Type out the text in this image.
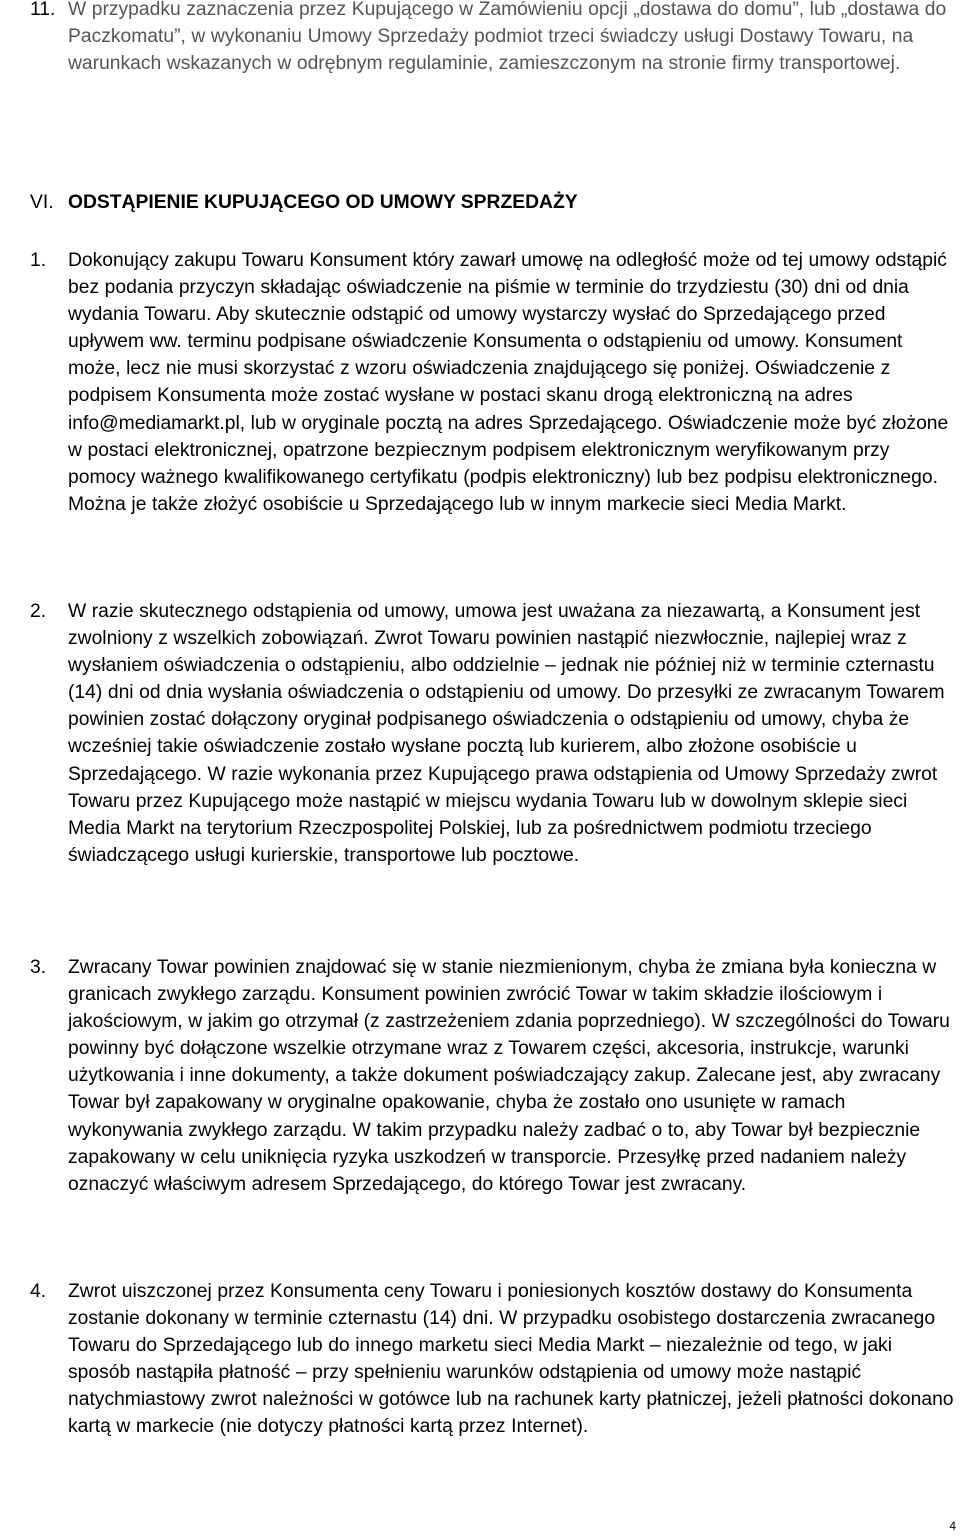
11. W przypadku zaznaczenia przez Kupującego w Zamówieniu opcji „dostawa do domu”, lub „dostawa do Paczkomatu”, w wykonaniu Umowy Sprzedaży podmiot trzeci świadczy usługi Dostawy Towaru, na warunkach wskazanych w odrębnym regulaminie, zamieszczonym na stronie firmy transportowej.
VI. ODSTĄPIENIE KUPUJĄCEGO OD UMOWY SPRZEDAŻY
1.	Dokonujący zakupu Towaru Konsument który zawarł umowę na odległość może od tej umowy odstąpić bez podania przyczyn składając oświadczenie na piśmie w terminie do trzydziestu (30) dni od dnia wydania Towaru. Aby skutecznie odstąpić od umowy wystarczy wysłać do Sprzedającego przed upływem ww. terminu podpisane oświadczenie Konsumenta o odstąpieniu od umowy. Konsument może, lecz nie musi skorzystać z wzoru oświadczenia znajdującego się poniżej. Oświadczenie z podpisem Konsumenta może zostać wysłane w postaci skanu drogą elektroniczną na adres info@mediamarkt.pl, lub w oryginale pocztą na adres Sprzedającego. Oświadczenie może być złożone w postaci elektronicznej, opatrzone bezpiecznym podpisem elektronicznym weryfikowanym przy pomocy ważnego kwalifikowanego certyfikatu (podpis elektroniczny) lub bez podpisu elektronicznego. Można je także złożyć osobiście u Sprzedającego lub w innym markecie sieci Media Markt.
2.	W razie skutecznego odstąpienia od umowy, umowa jest uważana za niezawartą, a Konsument jest zwolniony z wszelkich zobowiązań. Zwrot Towaru powinien nastąpić niezwłocznie, najlepiej wraz z wysłaniem oświadczenia o odstąpieniu, albo oddzielnie – jednak nie później niż w terminie czternastu (14) dni od dnia wysłania oświadczenia o odstąpieniu od umowy. Do przesyłki ze zwracanym Towarem powinien zostać dołączony oryginał podpisanego oświadczenia o odstąpieniu od umowy, chyba że wcześniej takie oświadczenie zostało wysłane pocztą lub kurierem, albo złożone osobiście u Sprzedającego. W razie wykonania przez Kupującego prawa odstąpienia od Umowy Sprzedaży zwrot Towaru przez Kupującego może nastąpić w miejscu wydania Towaru lub w dowolnym sklepie sieci Media Markt na terytorium Rzeczpospolitej Polskiej, lub za pośrednictwem podmiotu trzeciego świadczącego usługi kurierskie, transportowe lub pocztowe.
3.	Zwracany Towar powinien znajdować się w stanie niezmienionym, chyba że zmiana była konieczna w granicach zwykłego zarządu. Konsument powinien zwrócić Towar w takim składzie ilościowym i jakościowym, w jakim go otrzymał (z zastrzeżeniem zdania poprzedniego). W szczególności do Towaru powinny być dołączone wszelkie otrzymane wraz z Towarem części, akcesoria, instrukcje, warunki użytkowania i inne dokumenty, a także dokument poświadczający zakup. Zalecane jest, aby zwracany Towar był zapakowany w oryginalne opakowanie, chyba że zostało ono usunięte w ramach wykonywania zwykłego zarządu. W takim przypadku należy zadbać o to, aby Towar był bezpiecznie zapakowany w celu uniknięcia ryzyka uszkodzeń w transporcie. Przesyłkę przed nadaniem należy oznaczyć właściwym adresem Sprzedającego, do którego Towar jest zwracany.
4.	Zwrot uiszczonej przez Konsumenta ceny Towaru i poniesionych kosztów dostawy do Konsumenta zostanie dokonany w terminie czternastu (14) dni. W przypadku osobistego dostarczenia zwracanego Towaru do Sprzedającego lub do innego marketu sieci Media Markt – niezależnie od tego, w jaki sposób nastąpiła płatność – przy spełnieniu warunków odstąpienia od umowy może nastąpić natychmiastowy zwrot należności w gotówce lub na rachunek karty płatniczej, jeżeli płatności dokonano kartą w markecie (nie dotyczy płatności kartą przez Internet).
4
